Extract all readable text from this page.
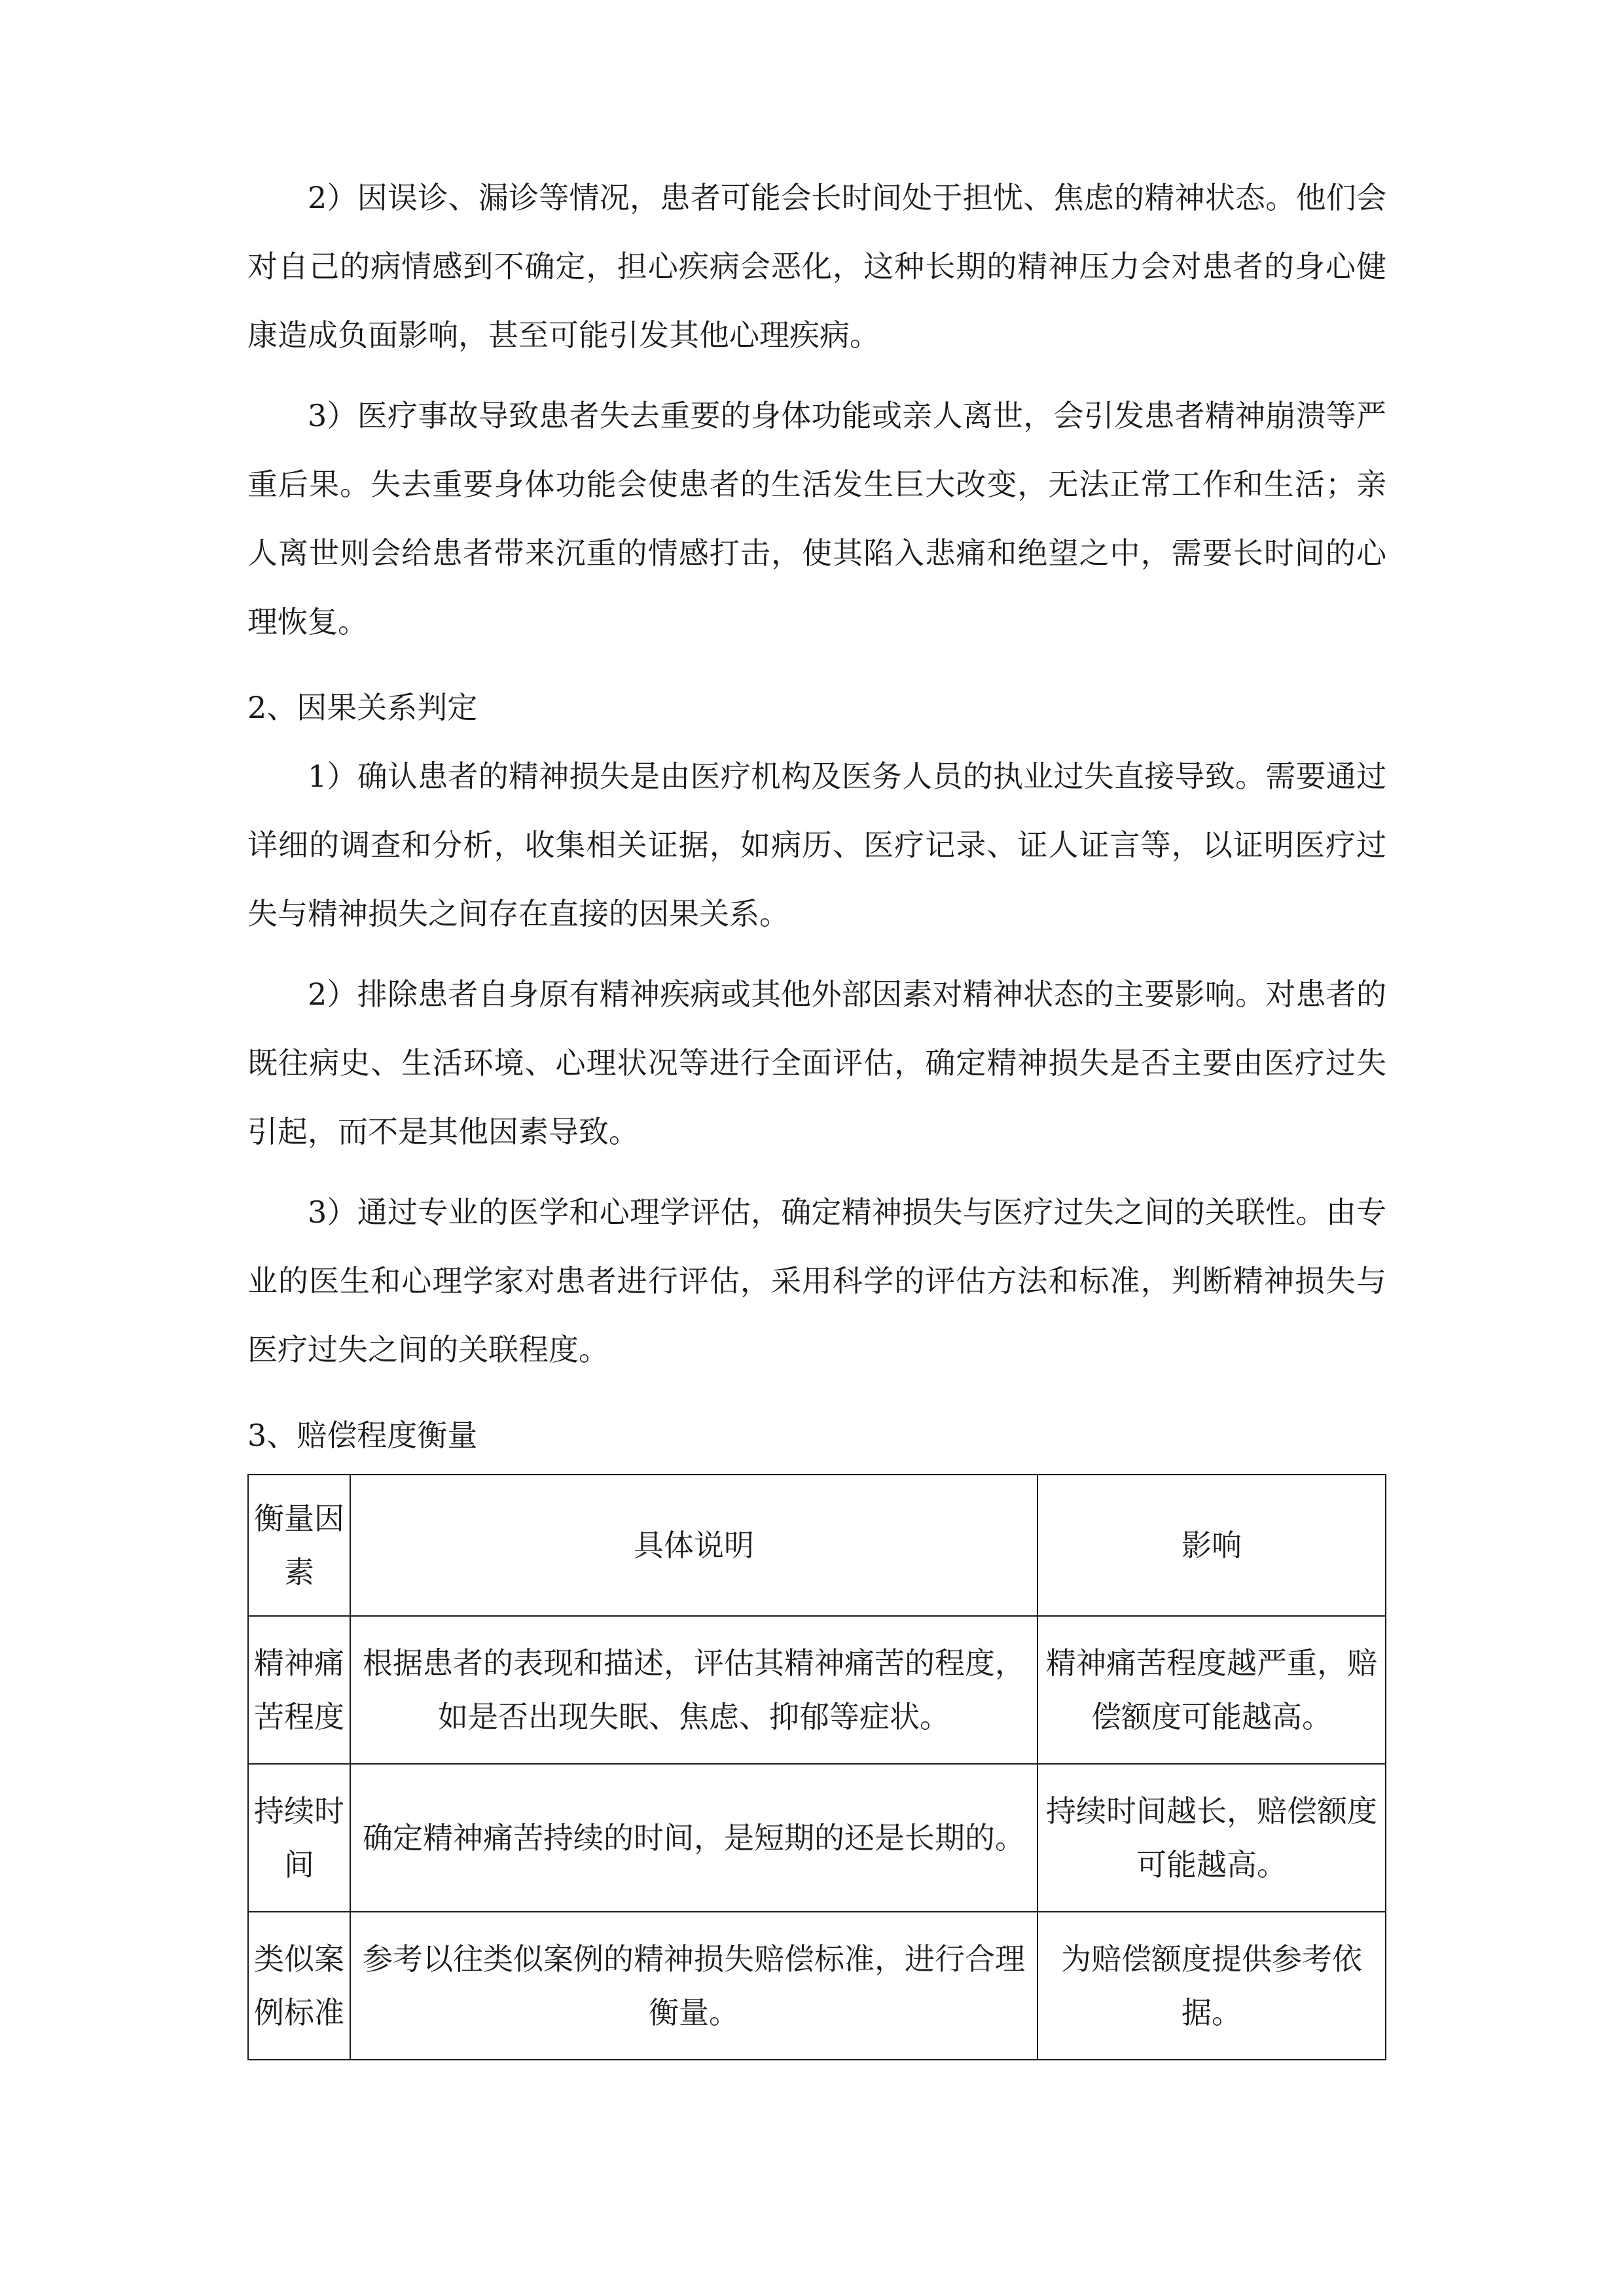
2）因误诊、漏诊等情况，患者可能会长时间处于担忧、焦虑的精神状态。他们会对自己的病情感到不确定，担心疾病会恶化，这种长期的精神压力会对患者的身心健康造成负面影响，甚至可能引发其他心理疾病。

3）医疗事故导致患者失去重要的身体功能或亲人离世，会引发患者精神崩溃等严重后果。失去重要身体功能会使患者的生活发生巨大改变，无法正常工作和生活；亲人离世则会给患者带来沉重的情感打击，使其陷入悲痛和绝望之中，需要长时间的心理恢复。

2、因果关系判定

1）确认患者的精神损失是由医疗机构及医务人员的执业过失直接导致。需要通过详细的调查和分析，收集相关证据，如病历、医疗记录、证人证言等，以证明医疗过失与精神损失之间存在直接的因果关系。

2）排除患者自身原有精神疾病或其他外部因素对精神状态的主要影响。对患者的既往病史、生活环境、心理状况等进行全面评估，确定精神损失是否主要由医疗过失引起，而不是其他因素导致。

3）通过专业的医学和心理学评估，确定精神损失与医疗过失之间的关联性。由专业的医生和心理学家对患者进行评估，采用科学的评估方法和标准，判断精神损失与医疗过失之间的关联程度。

3、赔偿程度衡量

衡量因素	具体说明	影响
精神痛苦程度	根据患者的表现和描述，评估其精神痛苦的程度，如是否出现失眠、焦虑、抑郁等症状。	精神痛苦程度越严重，赔偿额度可能越高。
持续时间	确定精神痛苦持续的时间，是短期的还是长期的。	持续时间越长，赔偿额度可能越高。
类似案例标准	参考以往类似案例的精神损失赔偿标准，进行合理衡量。	为赔偿额度提供参考依据。
